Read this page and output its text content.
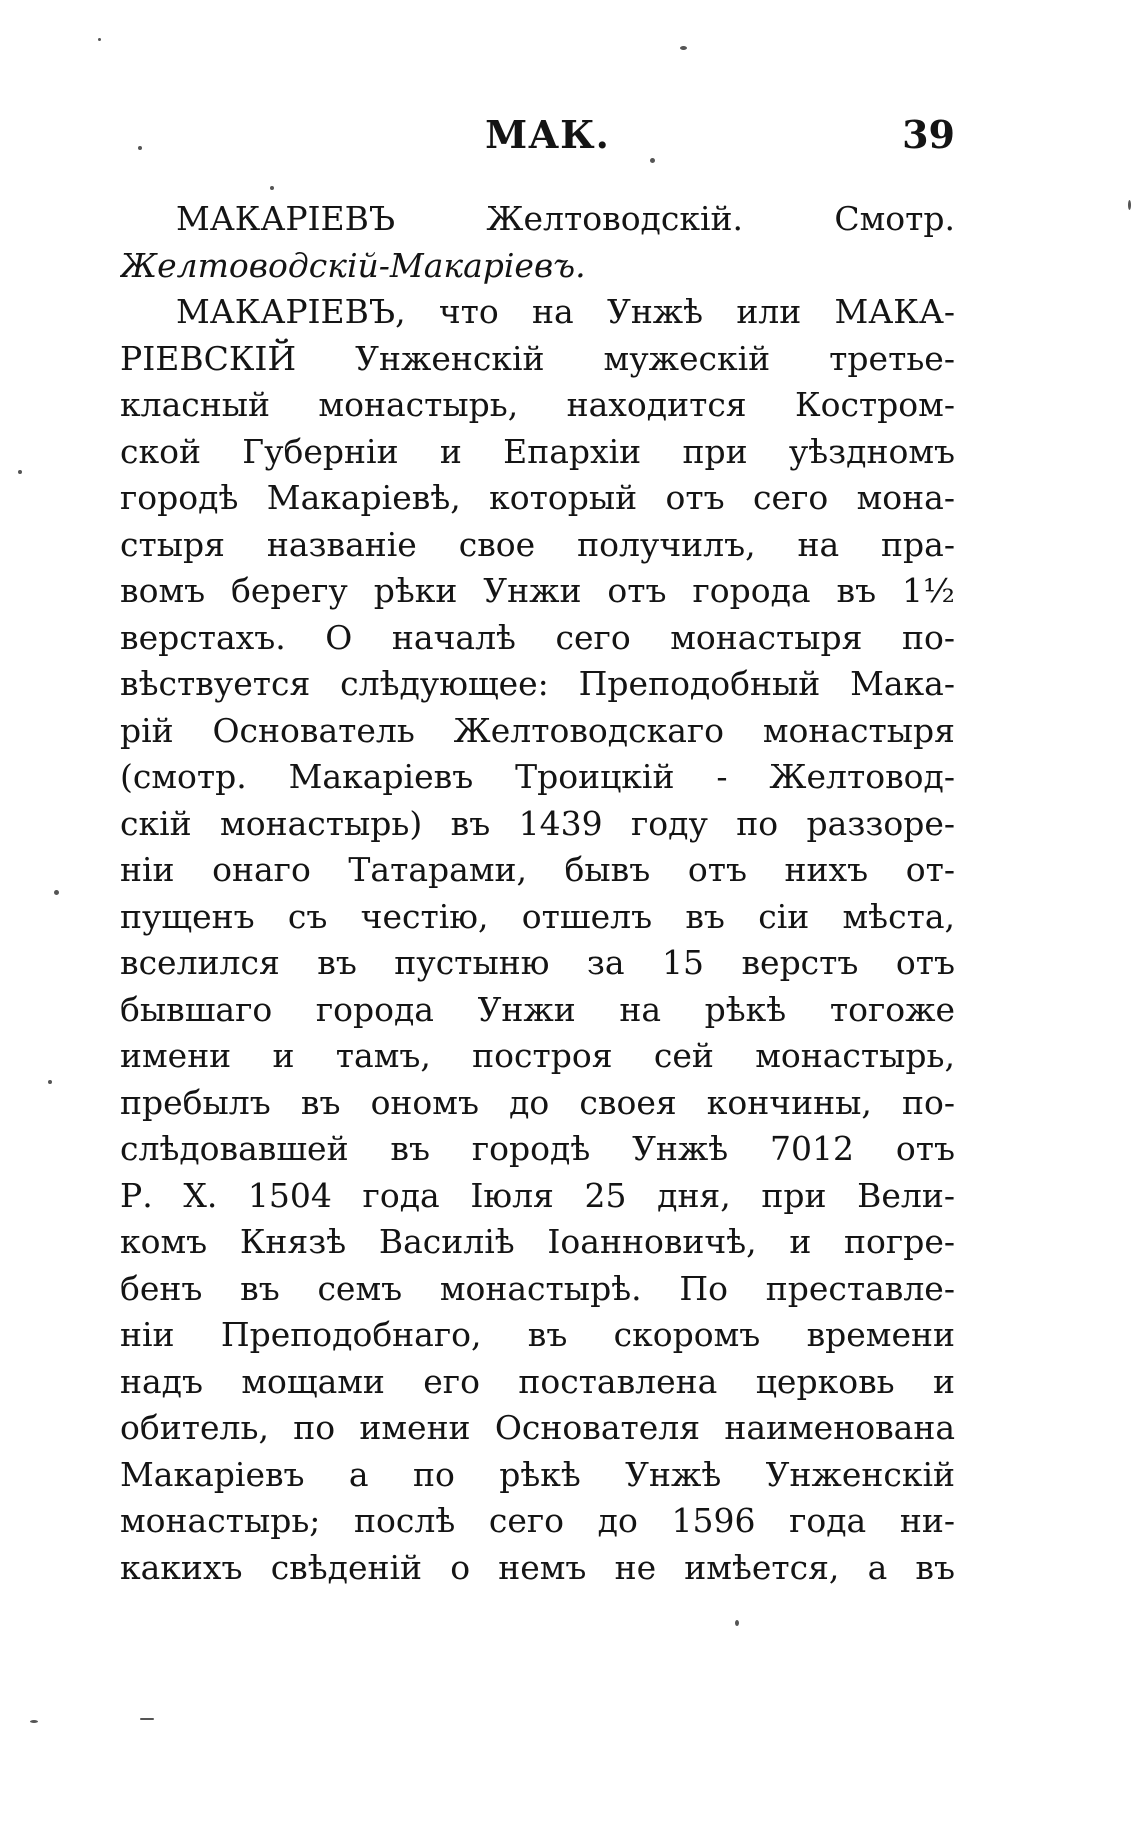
МАК.	39
МАКАРІЕВЪ Желтоводскій. Смотр.
Желтоводскій-Макаріевъ.
МАКАРІЕВЪ, что на Унжѣ или МАКА-
РІЕВСКІЙ Унженскій мужескій третье-
класный монастырь, находится Костром-
ской Губерніи и Епархіи при уѣздномъ
городѣ Макаріевѣ, который отъ сего мона-
стыря названіе свое получилъ, на пра-
вомъ берегу рѣки Унжи отъ города въ 1½
верстахъ. О началѣ сего монастыря по-
вѣствуется слѣдующее: Преподобный Мака-
рій Основатель Желтоводскаго монастыря
(смотр. Макаріевъ Троицкій - Желтовод-
скій монастырь) въ 1439 году по раззоре-
ніи онаго Татарами, бывъ отъ нихъ от-
пущенъ съ честію, отшелъ въ сіи мѣста,
вселился въ пустыню за 15 верстъ отъ
бывшаго города Унжи на рѣкѣ тогоже
имени и тамъ, построя сей монастырь,
пребылъ въ ономъ до своея кончины, по-
слѣдовавшей въ городѣ Унжѣ 7012 отъ
Р. Х. 1504 года Іюля 25 дня, при Вели-
комъ Князѣ Василіѣ Іоанновичѣ, и погре-
бенъ въ семъ монастырѣ. По преставле-
ніи Преподобнаго, въ скоромъ времени
надъ мощами его поставлена церковь и
обитель, по имени Основателя наименована
Макаріевъ а по рѣкѣ Унжѣ Унженскій
монастырь; послѣ сего до 1596 года ни-
какихъ свѣденій о немъ не имѣется, а въ
